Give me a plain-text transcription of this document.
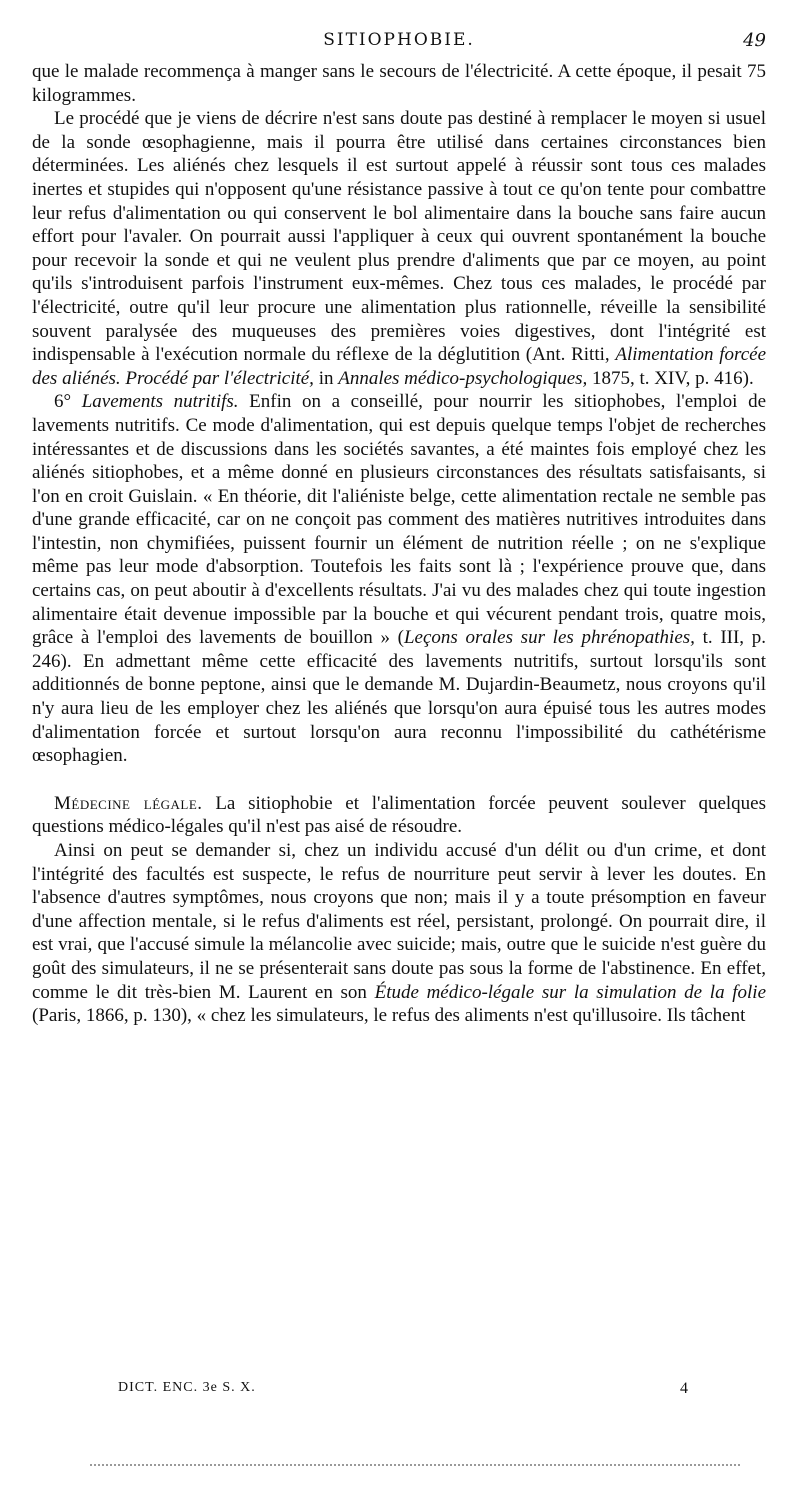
SITIOPHOBIE.	49

que le malade recommença à manger sans le secours de l'électricité. A cette époque, il pesait 75 kilogrammes.

Le procédé que je viens de décrire n'est sans doute pas destiné à remplacer le moyen si usuel de la sonde œsophagienne, mais il pourra être utilisé dans certaines circonstances bien déterminées. Les aliénés chez lesquels il est surtout appelé à réussir sont tous ces malades inertes et stupides qui n'opposent qu'une résistance passive à tout ce qu'on tente pour combattre leur refus d'alimentation ou qui conservent le bol alimentaire dans la bouche sans faire aucun effort pour l'avaler. On pourrait aussi l'appliquer à ceux qui ouvrent spontanément la bouche pour recevoir la sonde et qui ne veulent plus prendre d'aliments que par ce moyen, au point qu'ils s'introduisent parfois l'instrument eux-mêmes. Chez tous ces malades, le procédé par l'électricité, outre qu'il leur procure une alimentation plus rationnelle, réveille la sensibilité souvent paralysée des muqueuses des premières voies digestives, dont l'intégrité est indispensable à l'exécution normale du réflexe de la déglutition (Ant. Ritti, Alimentation forcée des aliénés. Procédé par l'électricité, in Annales médico-psychologiques, 1875, t. XIV, p. 416).

6° Lavements nutritifs. Enfin on a conseillé, pour nourrir les sitiophobes, l'emploi de lavements nutritifs. Ce mode d'alimentation, qui est depuis quelque temps l'objet de recherches intéressantes et de discussions dans les sociétés savantes, a été maintes fois employé chez les aliénés sitiophobes, et a même donné en plusieurs circonstances des résultats satisfaisants, si l'on en croit Guislain. « En théorie, dit l'aliéniste belge, cette alimentation rectale ne semble pas d'une grande efficacité, car on ne conçoit pas comment des matières nutritives introduites dans l'intestin, non chymifiées, puissent fournir un élément de nutrition réelle ; on ne s'explique même pas leur mode d'absorption. Toutefois les faits sont là ; l'expérience prouve que, dans certains cas, on peut aboutir à d'excellents résultats. J'ai vu des malades chez qui toute ingestion alimentaire était devenue impossible par la bouche et qui vécurent pendant trois, quatre mois, grâce à l'emploi des lavements de bouillon » (Leçons orales sur les phrénopathies, t. III, p. 246). En admettant même cette efficacité des lavements nutritifs, surtout lorsqu'ils sont additionnés de bonne peptone, ainsi que le demande M. Dujardin-Beaumetz, nous croyons qu'il n'y aura lieu de les employer chez les aliénés que lorsqu'on aura épuisé tous les autres modes d'alimentation forcée et surtout lorsqu'on aura reconnu l'impossibilité du cathétérisme œsophagien.

Médecine légale. La sitiophobie et l'alimentation forcée peuvent soulever quelques questions médico-légales qu'il n'est pas aisé de résoudre.

Ainsi on peut se demander si, chez un individu accusé d'un délit ou d'un crime, et dont l'intégrité des facultés est suspecte, le refus de nourriture peut servir à lever les doutes. En l'absence d'autres symptômes, nous croyons que non; mais il y a toute présomption en faveur d'une affection mentale, si le refus d'aliments est réel, persistant, prolongé. On pourrait dire, il est vrai, que l'accusé simule la mélancolie avec suicide; mais, outre que le suicide n'est guère du goût des simulateurs, il ne se présenterait sans doute pas sous la forme de l'abstinence. En effet, comme le dit très-bien M. Laurent en son Étude médico-légale sur la simulation de la folie (Paris, 1866, p. 130), « chez les simulateurs, le refus des aliments n'est qu'illusoire. Ils tâchent

DICT. ENC. 3e S. X.	4
